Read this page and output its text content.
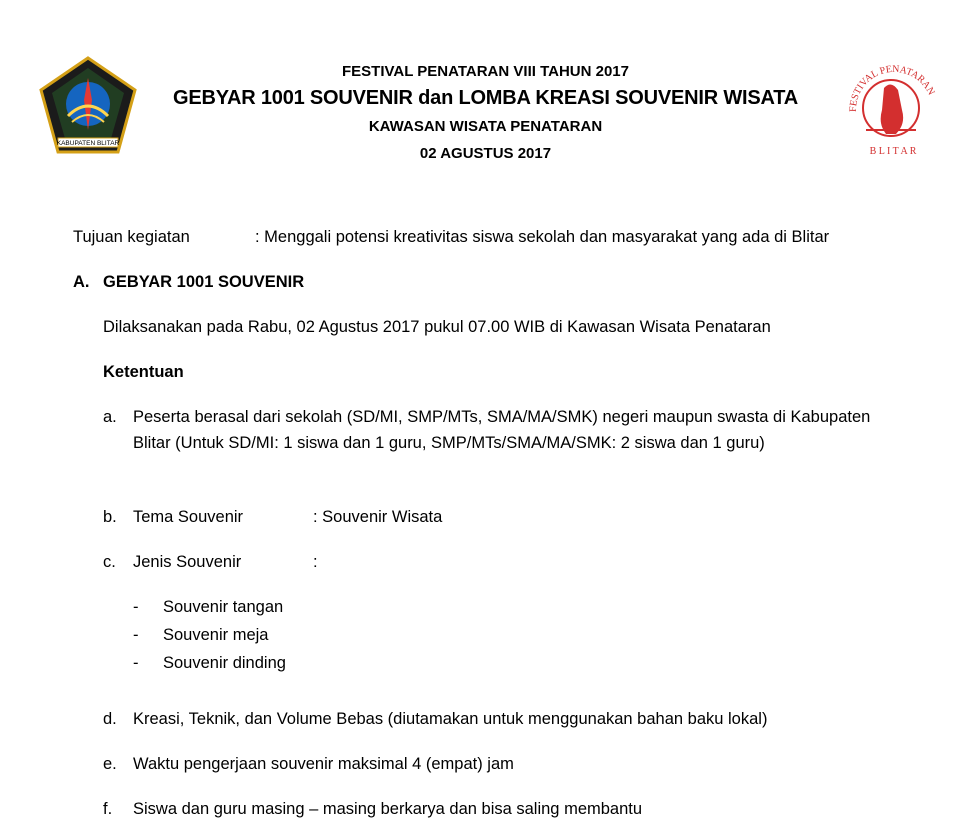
KABUPATEN BLITAR
FESTIVAL PENATARAN
B L I T A R
FESTIVAL PENATARAN VIII TAHUN 2017
GEBYAR 1001 SOUVENIR dan LOMBA KREASI SOUVENIR WISATA
KAWASAN WISATA PENATARAN
02 AGUSTUS 2017
Tujuan kegiatan	: Menggali potensi kreativitas siswa sekolah dan masyarakat yang ada di Blitar
A. GEBYAR 1001 SOUVENIR
Dilaksanakan pada Rabu, 02 Agustus 2017 pukul 07.00 WIB di Kawasan Wisata Penataran
Ketentuan
a. Peserta berasal dari sekolah (SD/MI, SMP/MTs, SMA/MA/SMK) negeri maupun swasta di Kabupaten Blitar (Untuk SD/MI: 1 siswa dan 1 guru, SMP/MTs/SMA/MA/SMK: 2 siswa dan 1 guru)
b. Tema Souvenir	: Souvenir Wisata
c. Jenis Souvenir	:
- Souvenir tangan
- Souvenir meja
- Souvenir dinding
d. Kreasi, Teknik, dan Volume Bebas (diutamakan untuk menggunakan bahan baku lokal)
e. Waktu pengerjaan souvenir maksimal 4 (empat) jam
f. Siswa dan guru masing – masing berkarya dan bisa saling membantu
